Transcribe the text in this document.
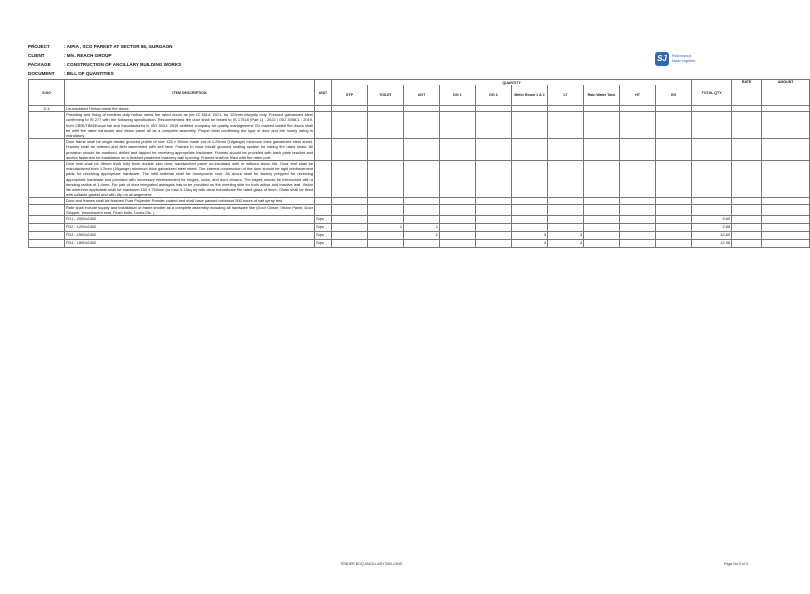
PROJECT	: AIPIA , SCO PARKET AT SECTOR 66, GURGAON
CLIENT	: M/s. REACH GROUP
PACKAGE	: CONSTRUCTION OF ANCILLARY BUILDING WORKS
DOCUMENT	: BILL OF QUANTITIES
SJ	Real impact.
Made together.
S.NO	ITEM DESCRIPTION	UNIT	QUANTITY										TOTAL QTY	RATE	AMOUNT
			STP	TOILET	UGT	DG 1	DG 2	Meter Room 1 & 2	LT	Rain Water Tank	HT	GG			
D.4	Un-insulated Hollow metal fire doors:														
	Providing and fixing of medium duty hollow metal fire rated doors as per IS 3614: 2021, for 120min integrity only. Pressed galvanized steel confirming to IS 277 with the following specification. Recommended fire door shall be tested to IS 17518 (Part 1) : 2022 / ISO 3008-1 : 2019. from CBRI/TBM/Exova lab and manufactured in ISO 9001: 2015 certified company for quality management. ISI marked labled fire doors shall be with fire rated hardware and vision panel all as a complete assembly. Proper label confirming the type of door and the hourly rating is mandatory.														
	Door frame shall be single rebate grooved profile of size 125 x 55mm made out of 1.25mm (18gauge) minimum thick galvanized steel sheet. Frames shall be mitered and field assembled with self tabs. Frames to have inbuilt grooved sealing system for taking fire rated seals. All provision should be mortised, drilled and tapped for receiving appropriate hardware. Frames should be provided with back plate bracket and anchor fasteners for installation on a finished plastered masonry wall opening. Frames shall be filled with fire rated putt.														
	Door leaf shall be 46mm thick fully flush double skin door, sandwiched panel un-insulated with or without vision lite. Door leaf shall be manufactured from 1.2mm (18gauge) minimum thick galvanized steel sheet. The internal construction of the door should be rigid reinforcement pads for receiving appropriate hardware. The infill material shall be honeycomb core. All doors shall be factory prepped for receiving appropriate hardware and provided with necessary reinforcement for hinges, locks, and door closers. The edges should be interlocked with a bending radius of 1.4mm. For pair of door integrated astragals has to be provided on the meeting stile for both active and inactive leaf. Vision lite wherever applicable shall be maximum 150 x 750mm (or max 0.13sq.m) with clear borosilicate fire rated glass of 6mm. Glass shall be fixed with suitable gasket and with clip on arrangement.														
	Door and frames shall be finished Pure Polyester Powder coated and shall have passed minimum 500 hours of salt spray test.														
	Rate shall include supply and installation of frame,shutter as a complete assembly including all hardware like (Door Closer, Vision Panel, Door Stopper, Intumescent seal, Flush bolts, Locks Etc. )														
	FD1 - 2000x2400	Sqm											9.60		
	FD2 - 1200x2400	Sqm		1	1								2.88		
	FD3 - 1500x2400	Sqm			2			3	3				10.80		
	FD4 - 1800x2400	Sqm						4	4				12.96		
TENDER BOQ ANCILLARY BUILDING	Page No 3 of 3
